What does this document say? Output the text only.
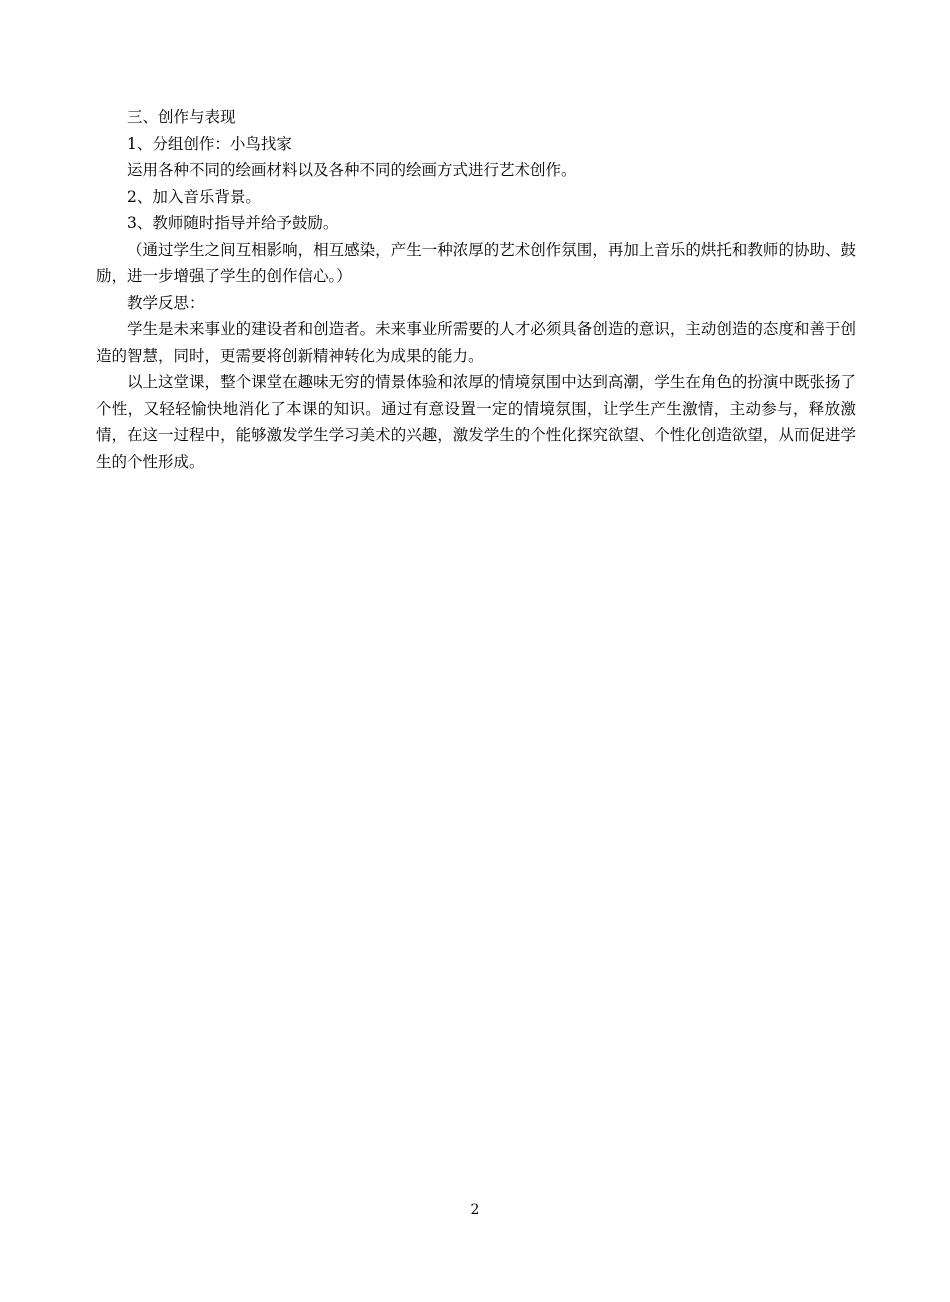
三、创作与表现

1、分组创作：小鸟找家

运用各种不同的绘画材料以及各种不同的绘画方式进行艺术创作。

2、加入音乐背景。

3、教师随时指导并给予鼓励。

（通过学生之间互相影响，相互感染，产生一种浓厚的艺术创作氛围，再加上音乐的烘托和教师的协助、鼓励，进一步增强了学生的创作信心。）

教学反思：

学生是未来事业的建设者和创造者。未来事业所需要的人才必须具备创造的意识，主动创造的态度和善于创造的智慧，同时，更需要将创新精神转化为成果的能力。

以上这堂课，整个课堂在趣味无穷的情景体验和浓厚的情境氛围中达到高潮，学生在角色的扮演中既张扬了个性，又轻轻愉快地消化了本课的知识。通过有意设置一定的情境氛围，让学生产生激情，主动参与，释放激情，在这一过程中，能够激发学生学习美术的兴趣，激发学生的个性化探究欲望、个性化创造欲望，从而促进学生的个性形成。

2
